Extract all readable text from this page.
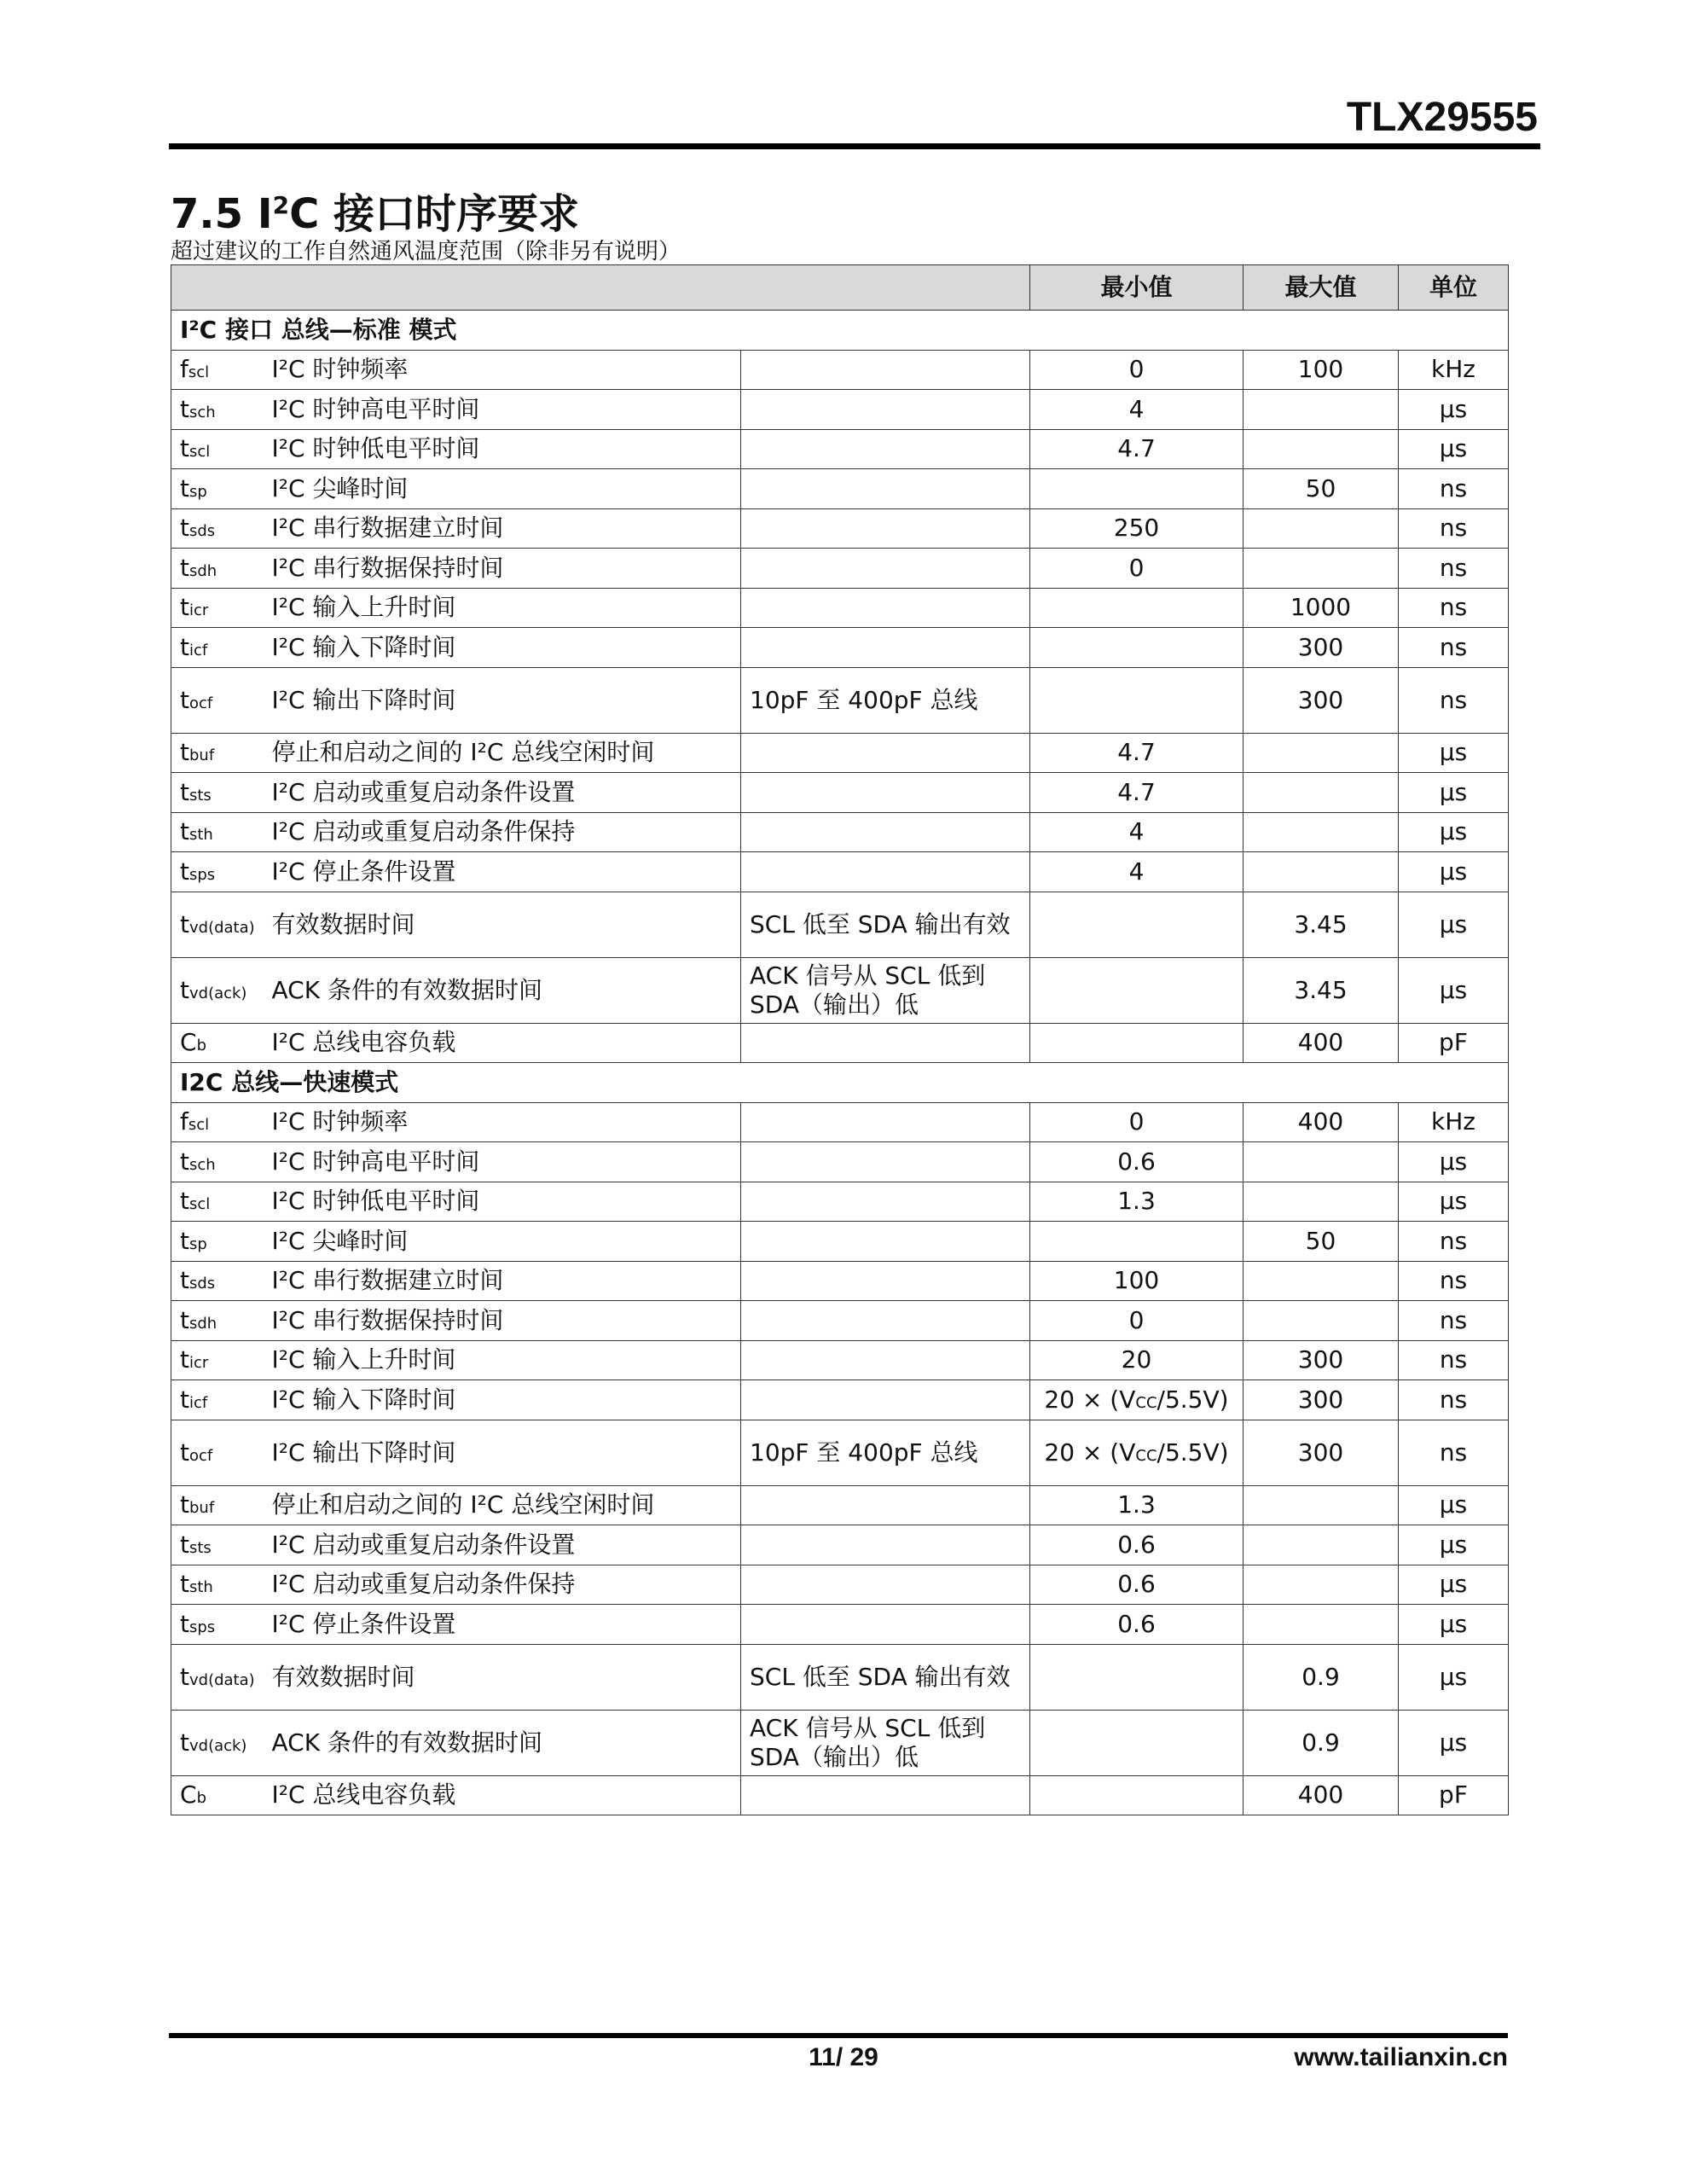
TLX29555
7.5 $I^2C$ 接口时序要求
超过建议的工作自然通风温度范围（除非另有说明）
			最小值	最大值	单位
I²C 接口 总线—标准 模式					
fscl	I²C 时钟频率		0	100	kHz
tsch	I²C 时钟高电平时间		4		µs
tscl	I²C 时钟低电平时间		4.7		µs
tsp	I²C 尖峰时间			50	ns
tsds	I²C 串行数据建立时间		250		ns
tsdh	I²C 串行数据保持时间		0		ns
ticr	I²C 输入上升时间			1000	ns
ticf	I²C 输入下降时间			300	ns
tocf	I²C 输出下降时间	10pF 至 400pF 总线		300	ns
tbuf	停止和启动之间的 I²C 总线空闲时间		4.7		µs
tsts	I²C 启动或重复启动条件设置		4.7		µs
tsth	I²C 启动或重复启动条件保持		4		µs
tsps	I²C 停止条件设置		4		µs
tvd(data)	有效数据时间	SCL 低至 SDA 输出有效		3.45	µs
tvd(ack)	ACK 条件的有效数据时间	ACK 信号从 SCL 低到 SDA（输出）低		3.45	µs
Cb	I²C 总线电容负载			400	pF
I2C 总线—快速模式					
fscl	I²C 时钟频率		0	400	kHz
tsch	I²C 时钟高电平时间		0.6		µs
tscl	I²C 时钟低电平时间		1.3		µs
tsp	I²C 尖峰时间			50	ns
tsds	I²C 串行数据建立时间		100		ns
tsdh	I²C 串行数据保持时间		0		ns
ticr	I²C 输入上升时间		20	300	ns
ticf	I²C 输入下降时间		20 × (VCC/5.5V)	300	ns
tocf	I²C 输出下降时间	10pF 至 400pF 总线	20 × (VCC/5.5V)	300	ns
tbuf	停止和启动之间的 I²C 总线空闲时间		1.3		µs
tsts	I²C 启动或重复启动条件设置		0.6		µs
tsth	I²C 启动或重复启动条件保持		0.6		µs
tsps	I²C 停止条件设置		0.6		µs
tvd(data)	有效数据时间	SCL 低至 SDA 输出有效		0.9	µs
tvd(ack)	ACK 条件的有效数据时间	ACK 信号从 SCL 低到 SDA（输出）低		0.9	µs
Cb	I²C 总线电容负载			400	pF
11/ 29	www.tailianxin.cn
